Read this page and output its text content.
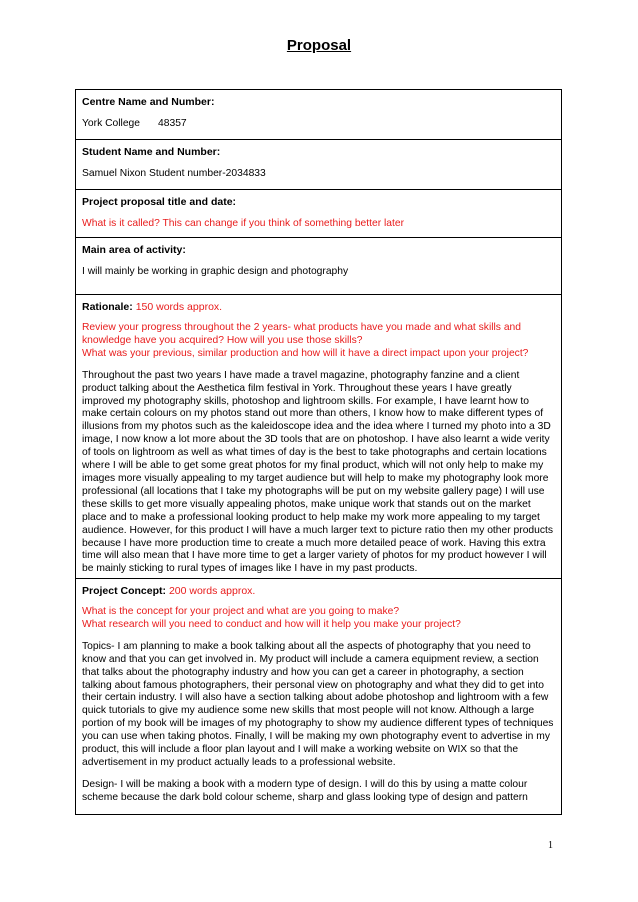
Proposal
Centre Name and Number:
York College 48357
Student Name and Number:
Samuel Nixon Student number-2034833
Project proposal title and date:
What is it called? This can change if you think of something better later
Main area of activity:
I will mainly be working in graphic design and photography
Rationale: 150 words approx.
Review your progress throughout the 2 years- what products have you made and what skills and knowledge have you acquired? How will you use those skills?
What was your previous, similar production and how will it have a direct impact upon your project?
Throughout the past two years I have made a travel magazine, photography fanzine and a client product talking about the Aesthetica film festival in York. Throughout these years I have greatly improved my photography skills, photoshop and lightroom skills. For example, I have learnt how to make certain colours on my photos stand out more than others, I know how to make different types of illusions from my photos such as the kaleidoscope idea and the idea where I turned my photo into a 3D image, I now know a lot more about the 3D tools that are on photoshop. I have also learnt a wide verity of tools on lightroom as well as what times of day is the best to take photographs and certain locations where I will be able to get some great photos for my final product, which will not only help to make my images more visually appealing to my target audience but will help to make my photography look more professional (all locations that I take my photographs will be put on my website gallery page) I will use these skills to get more visually appealing photos, make unique work that stands out on the market place and to make a professional looking product to help make my work more appealing to my target audience. However, for this product I will have a much larger text to picture ratio then my other products because I have more production time to create a much more detailed peace of work. Having this extra time will also mean that I have more time to get a larger variety of photos for my product however I will be mainly sticking to rural types of images like I have in my past products.
Project Concept: 200 words approx.
What is the concept for your project and what are you going to make?
What research will you need to conduct and how will it help you make your project?
Topics- I am planning to make a book talking about all the aspects of photography that you need to know and that you can get involved in. My product will include a camera equipment review, a section that talks about the photography industry and how you can get a career in photography, a section talking about famous photographers, their personal view on photography and what they did to get into their certain industry. I will also have a section talking about adobe photoshop and lightroom with a few quick tutorials to give my audience some new skills that most people will not know. Although a large portion of my book will be images of my photography to show my audience different types of techniques you can use when taking photos. Finally, I will be making my own photography event to advertise in my product, this will include a floor plan layout and I will make a working website on WIX so that the advertisement in my product actually leads to a professional website.
Design- I will be making a book with a modern type of design. I will do this by using a matte colour scheme because the dark bold colour scheme, sharp and glass looking type of design and pattern
1
